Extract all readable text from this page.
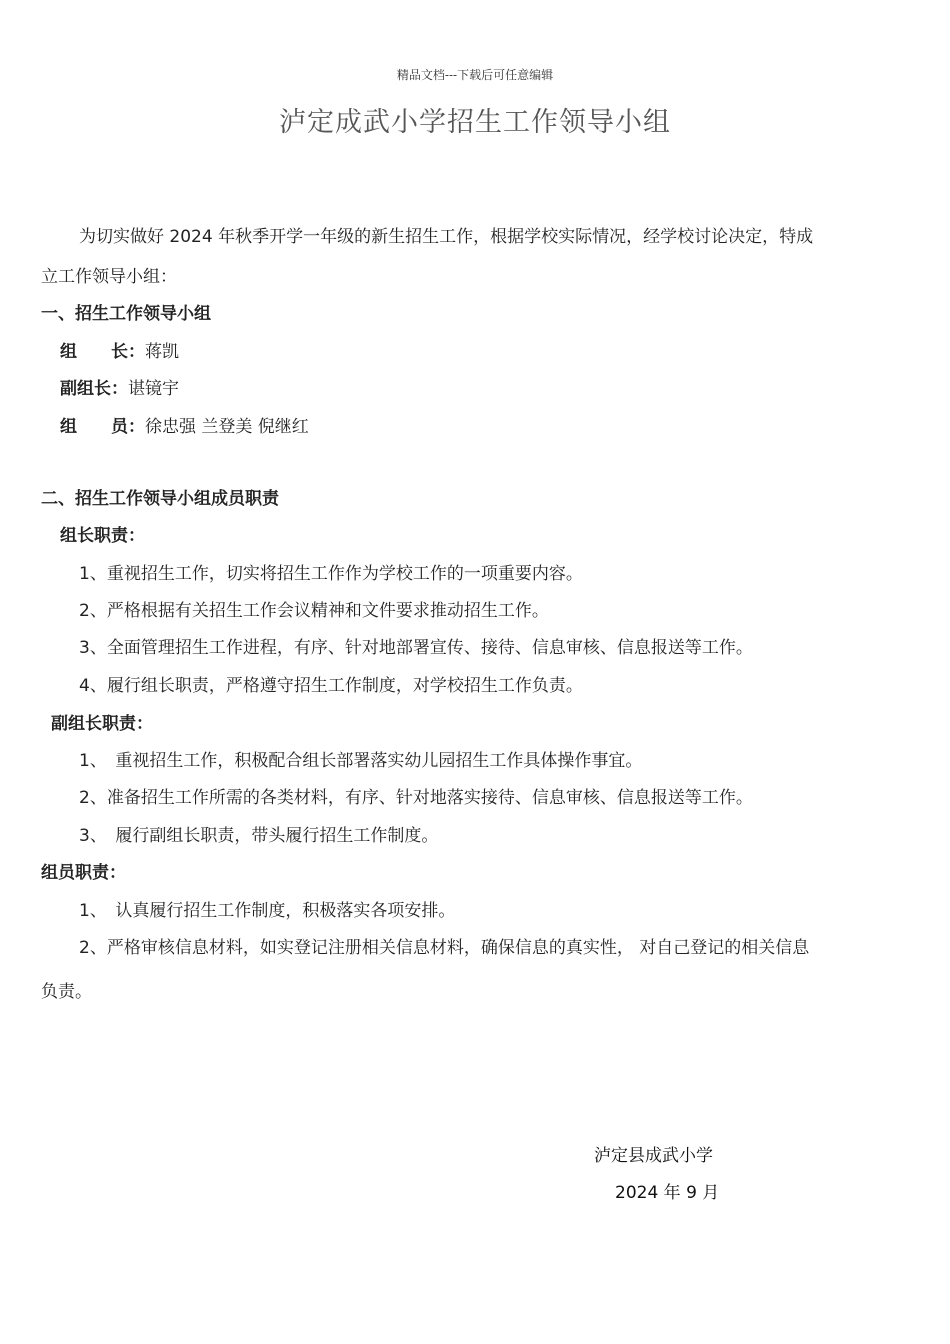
精品文档---下载后可任意编辑
泸定成武小学招生工作领导小组
为切实做好 2024 年秋季开学一年级的新生招生工作，根据学校实际情况，经学校讨论决定，特成
立工作领导小组：
一、招生工作领导小组
组　　长：蒋凯
副组长：谌镜宇
组　　员：徐忠强 兰登美 倪继红
二、招生工作领导小组成员职责
组长职责：
1、重视招生工作，切实将招生工作作为学校工作的一项重要内容。
2、严格根据有关招生工作会议精神和文件要求推动招生工作。
3、全面管理招生工作进程，有序、针对地部署宣传、接待、信息审核、信息报送等工作。
4、履行组长职责，严格遵守招生工作制度，对学校招生工作负责。
副组长职责：
1、　重视招生工作，积极配合组长部署落实幼儿园招生工作具体操作事宜。
2、准备招生工作所需的各类材料，有序、针对地落实接待、信息审核、信息报送等工作。
3、　履行副组长职责，带头履行招生工作制度。
组员职责：
1、　认真履行招生工作制度，积极落实各项安排。
2、严格审核信息材料，如实登记注册相关信息材料，确保信息的真实性， 对自己登记的相关信息
负责。
泸定县成武小学
2024 年 9 月
